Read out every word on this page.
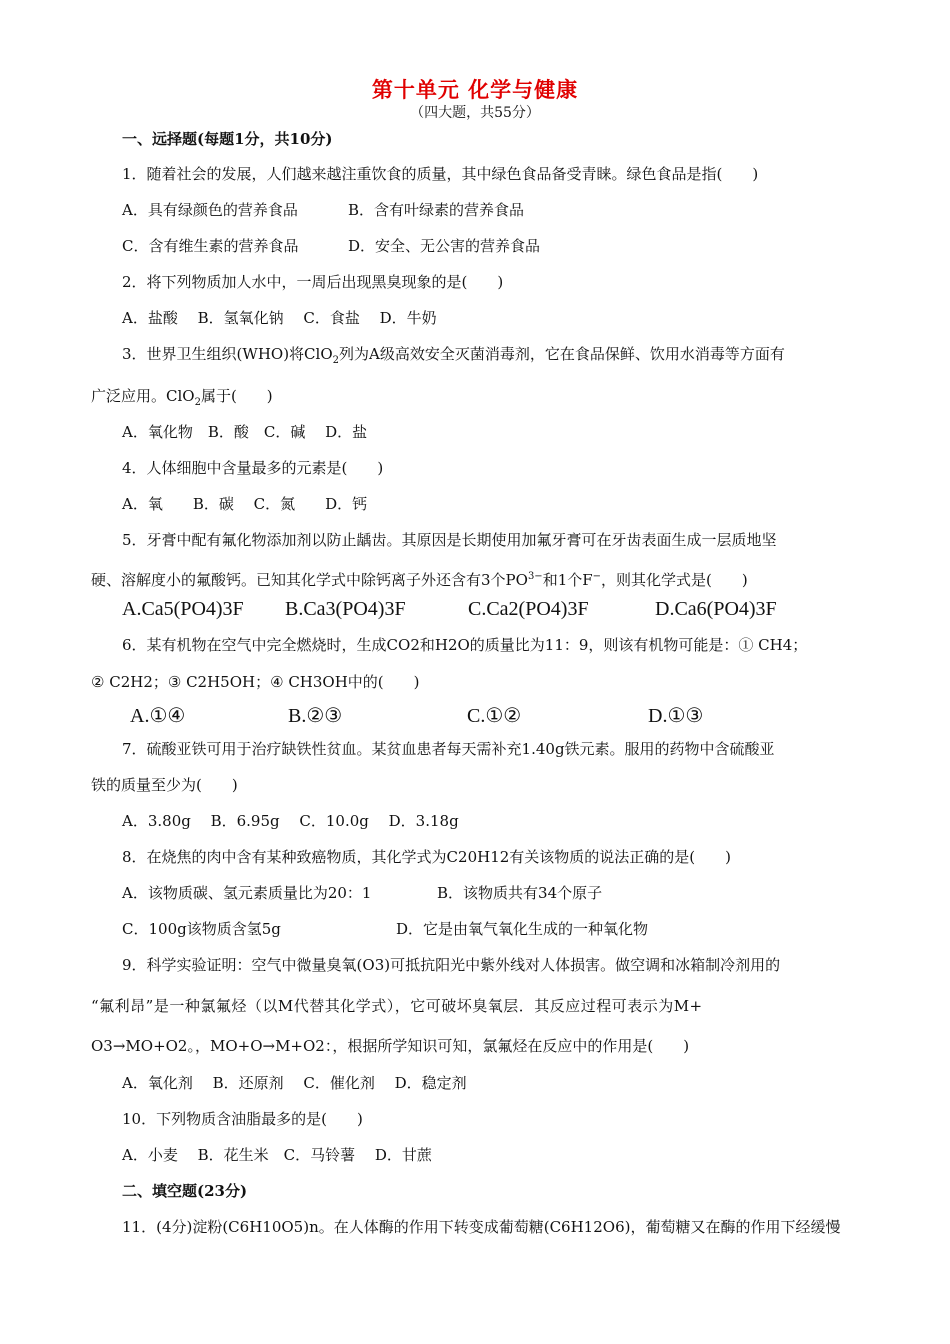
第十单元 化学与健康
（四大题，共55分）
一、远择题(每题1分，共10分)
1．随着社会的发展，人们越来越注重饮食的质量，其中绿色食品备受青睐。绿色食品是指(　　)
A．具有绿颜色的营养食品	B．含有叶绿素的营养食品
C．含有维生素的营养食品	D．安全、无公害的营养食品
2．将下列物质加人水中，一周后出现黑臭现象的是(　　)
A．盐酸　 B．氢氧化钠　 C．食盐　 D．牛奶
3．世界卫生组织(WHO)将ClO$_2$列为A级高效安全灭菌消毒剂，它在食品保鲜、饮用水消毒等方面有
广泛应用。ClO$_2$属于(　　)
A．氧化物　B．酸　C．碱　 D．盐
4．人体细胞中含量最多的元素是(　　)
A．氧　　B．碳　 C．氮　　D．钙
5．牙膏中配有氟化物添加剂以防止龋齿。其原因是长期使用加氟牙膏可在牙齿表面生成一层质地坚
硬、溶解度小的氟酸钙。已知其化学式中除钙离子外还含有3个$PO^{3-}$和1个F−，则其化学式是(　　)
A.Ca5(PO4)3F B.Ca3(PO4)3F	C.Ca2(PO4)3F	D.Ca6(PO4)3F
6．某有机物在空气中完全燃烧时，生成CO2和H2O的质量比为11：9，则该有机物可能是：① CH4；
② C2H2；③ C2H5OH；④ CH3OH中的(　　)
A.①④	B.②③	C.①②	D.①③
7．硫酸亚铁可用于治疗缺铁性贫血。某贫血患者每天需补充1.40g铁元素。服用的药物中含硫酸亚
铁的质量至少为(　　)
A．3.80g　 B．6.95g　 C．10.0g　 D．3.18g
8．在烧焦的肉中含有某种致癌物质，其化学式为C20H12有关该物质的说法正确的是(　　)
A．该物质碳、氢元素质量比为20：1	B．该物质共有34个原子
C．100g该物质含氢5g	D．它是由氧气氧化生成的一种氧化物
9．科学实验证明：空气中微量臭氧(O3)可抵抗阳光中紫外线对人体损害。做空调和冰箱制冷剂用的
“氟利昂”是一种氯氟烃（以M代替其化学式），它可破坏臭氧层．其反应过程可表示为M+
O3→MO+O2。，MO+O→M+O2：，根据所学知识可知，氯氟烃在反应中的作用是(　　)
A．氧化剂　 B．还原剂　 C．催化剂　 D．稳定剂
10．下列物质含油脂最多的是(　　)
A．小麦　 B．花生米　C．马铃薯　 D．甘蔗
二、填空题(23分)
11．(4分)淀粉(C6H10O5)n。在人体酶的作用下转变成葡萄糖(C6H12O6)，葡萄糖又在酶的作用下经缓慢
